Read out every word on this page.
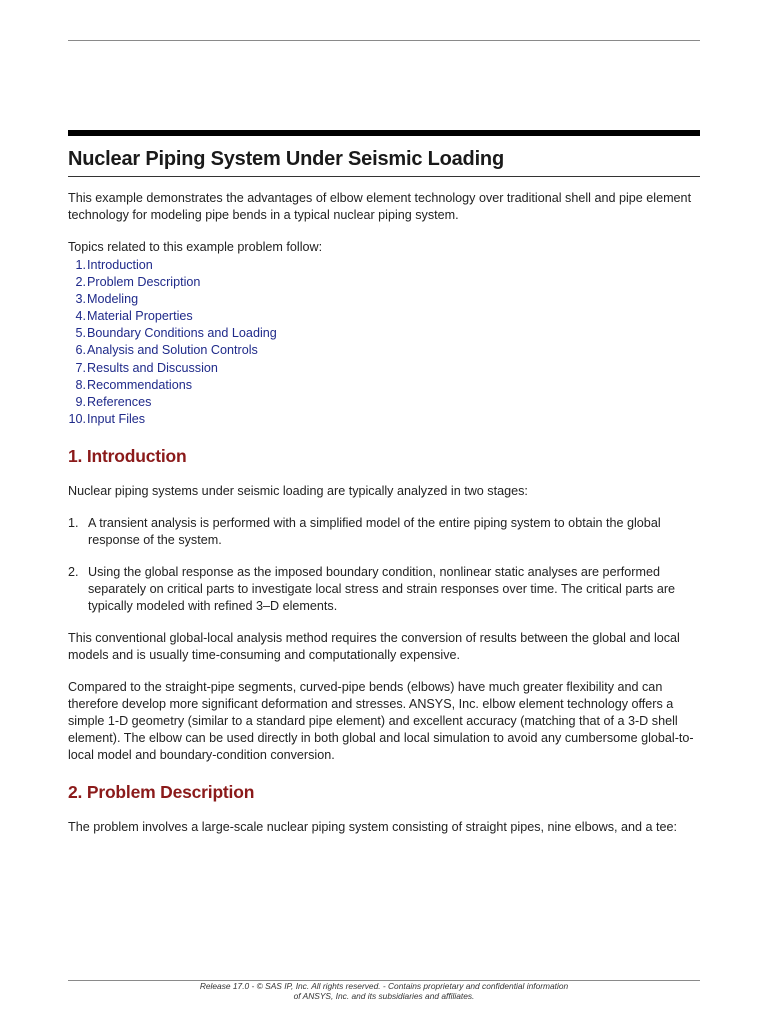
Nuclear Piping System Under Seismic Loading

This example demonstrates the advantages of elbow element technology over traditional shell and pipe element technology for modeling pipe bends in a typical nuclear piping system.

Topics related to this example problem follow:

1.Introduction
2.Problem Description
3.Modeling
4.Material Properties
5.Boundary Conditions and Loading
6.Analysis and Solution Controls
7.Results and Discussion
8.Recommendations
9.References
10.Input Files
1. Introduction

Nuclear piping systems under seismic loading are typically analyzed in two stages:

1. A transient analysis is performed with a simplified model of the entire piping system to obtain the global response of the system.
2. Using the global response as the imposed boundary condition, nonlinear static analyses are performed separately on critical parts to investigate local stress and strain responses over time. The critical parts are typically modeled with refined 3–D elements.

This conventional global-local analysis method requires the conversion of results between the global and local models and is usually time-consuming and computationally expensive.

Compared to the straight-pipe segments, curved-pipe bends (elbows) have much greater flexibility and can therefore develop more significant deformation and stresses. ANSYS, Inc. elbow element technology offers a simple 1-D geometry (similar to a standard pipe element) and excellent accuracy (matching that of a 3-D shell element). The elbow can be used directly in both global and local simulation to avoid any cumbersome global-to-local model and boundary-condition conversion.

2. Problem Description

The problem involves a large-scale nuclear piping system consisting of straight pipes, nine elbows, and a tee:

Release 17.0 - © SAS IP, Inc. All rights reserved. - Contains proprietary and confidential information
of ANSYS, Inc. and its subsidiaries and affiliates.
